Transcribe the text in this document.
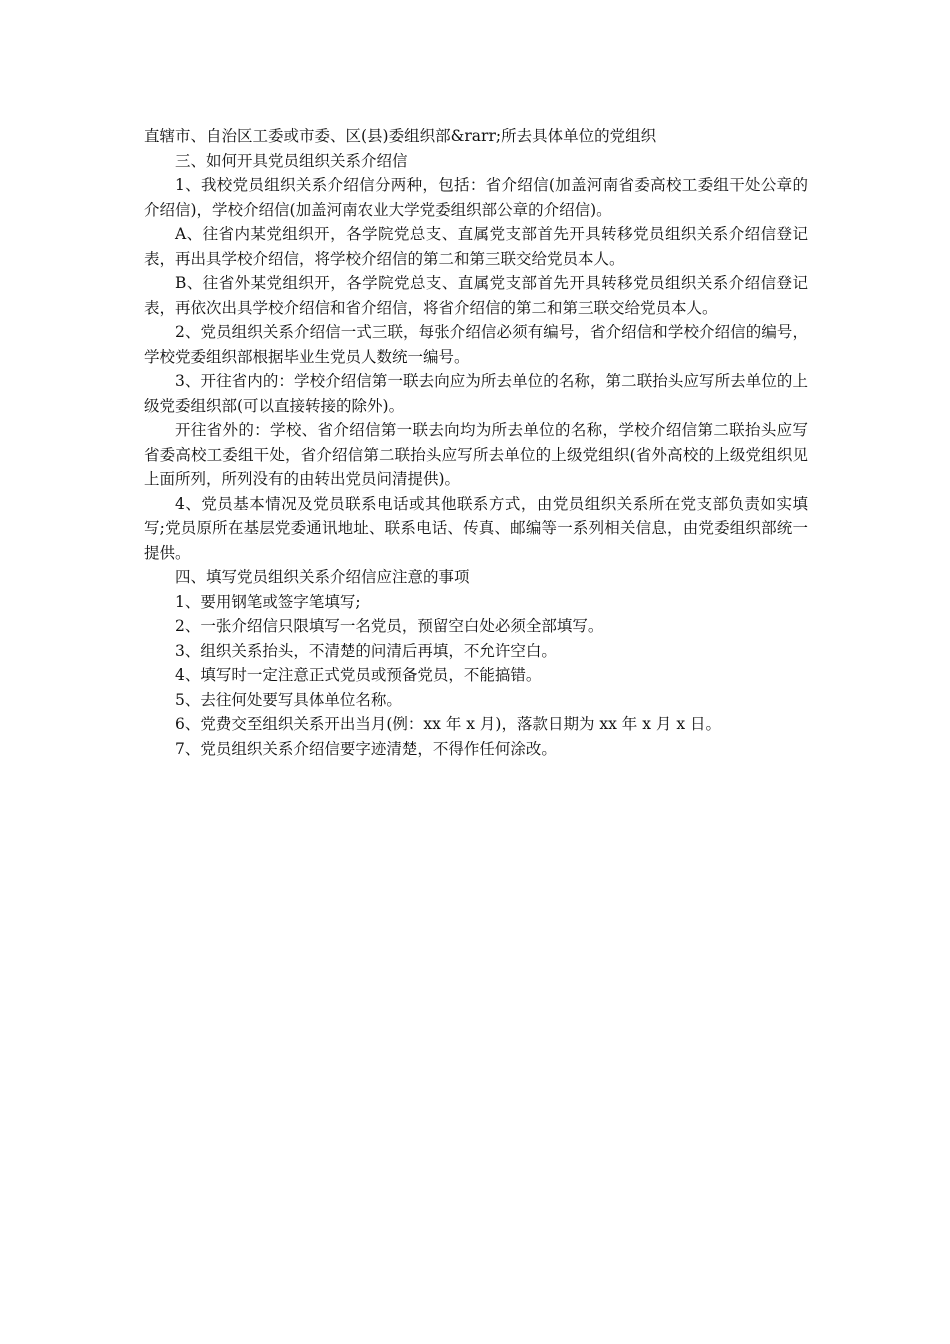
直辖市、自治区工委或市委、区(县)委组织部&rarr;所去具体单位的党组织

三、如何开具党员组织关系介绍信

1、我校党员组织关系介绍信分两种，包括：省介绍信(加盖河南省委高校工委组干处公章的介绍信)，学校介绍信(加盖河南农业大学党委组织部公章的介绍信)。

A、往省内某党组织开，各学院党总支、直属党支部首先开具转移党员组织关系介绍信登记表，再出具学校介绍信，将学校介绍信的第二和第三联交给党员本人。

B、往省外某党组织开，各学院党总支、直属党支部首先开具转移党员组织关系介绍信登记表，再依次出具学校介绍信和省介绍信，将省介绍信的第二和第三联交给党员本人。

2、党员组织关系介绍信一式三联，每张介绍信必须有编号，省介绍信和学校介绍信的编号，学校党委组织部根据毕业生党员人数统一编号。

3、开往省内的：学校介绍信第一联去向应为所去单位的名称，第二联抬头应写所去单位的上级党委组织部(可以直接转接的除外)。

开往省外的：学校、省介绍信第一联去向均为所去单位的名称，学校介绍信第二联抬头应写省委高校工委组干处，省介绍信第二联抬头应写所去单位的上级党组织(省外高校的上级党组织见上面所列，所列没有的由转出党员问清提供)。

4、党员基本情况及党员联系电话或其他联系方式，由党员组织关系所在党支部负责如实填写;党员原所在基层党委通讯地址、联系电话、传真、邮编等一系列相关信息，由党委组织部统一提供。

四、填写党员组织关系介绍信应注意的事项

1、要用钢笔或签字笔填写;

2、一张介绍信只限填写一名党员，预留空白处必须全部填写。

3、组织关系抬头，不清楚的问清后再填，不允许空白。

4、填写时一定注意正式党员或预备党员，不能搞错。

5、去往何处要写具体单位名称。

6、党费交至组织关系开出当月(例：xx 年 x 月)，落款日期为 xx 年 x 月 x 日。

7、党员组织关系介绍信要字迹清楚，不得作任何涂改。
